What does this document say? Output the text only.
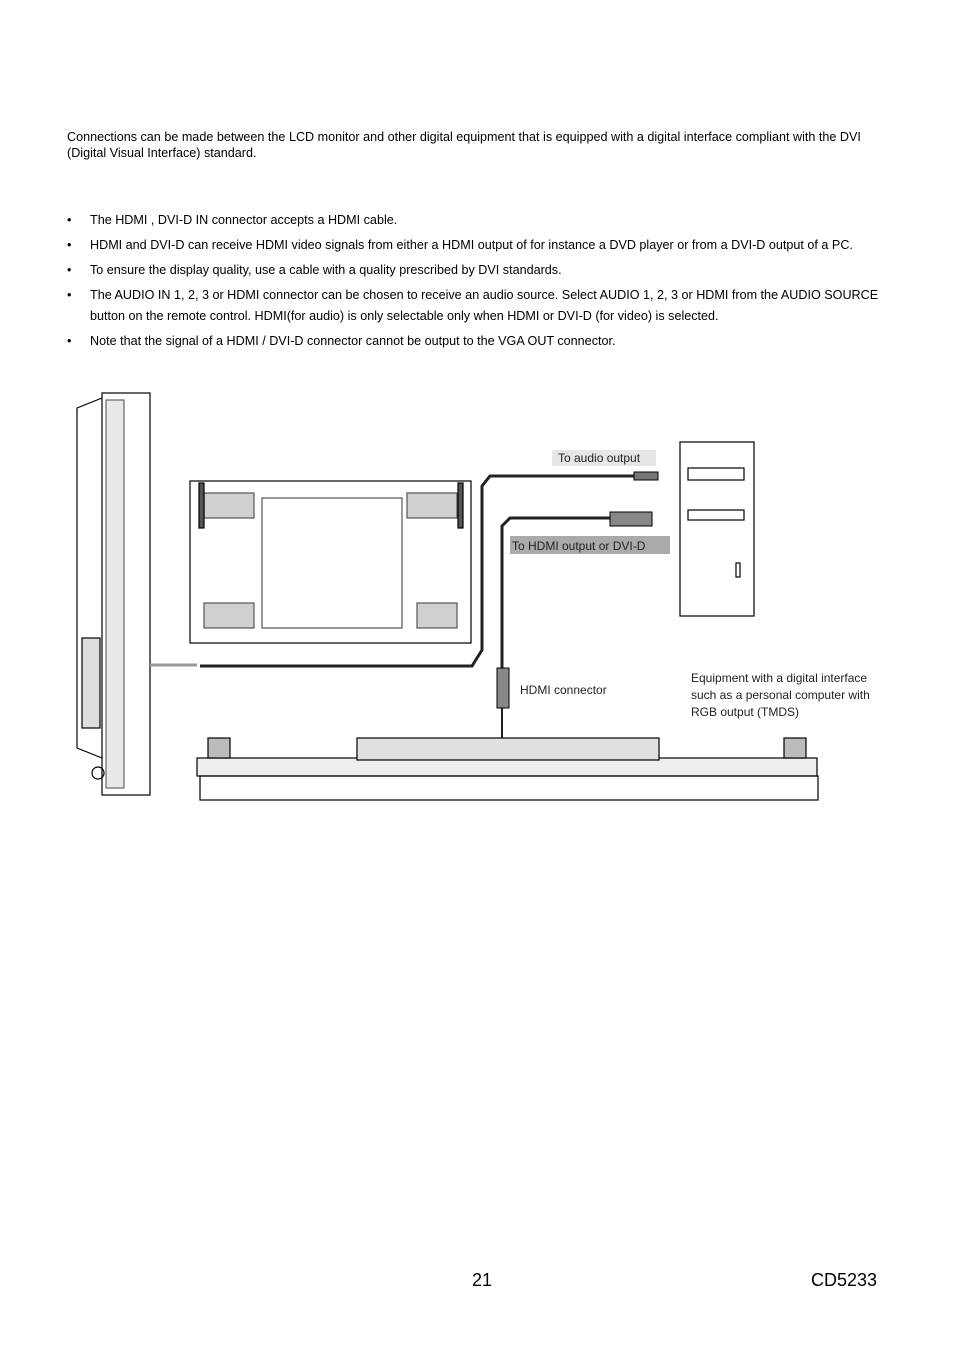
Connections can be made between the LCD monitor and other digital equipment that is equipped with a digital interface compliant with the DVI (Digital Visual Interface) standard.

• The HDMI , DVI-D IN connector accepts a HDMI cable.
• HDMI and DVI-D can receive HDMI video signals from either a HDMI output of for instance a DVD player or from a DVI-D output of a PC.
• To ensure the display quality, use a cable with a quality prescribed by DVI standards.
• The AUDIO IN 1, 2, 3 or HDMI connector can be chosen to receive an audio source. Select AUDIO 1, 2, 3 or HDMI from the AUDIO SOURCE button on the remote control. HDMI(for audio) is only selectable only when HDMI or DVI-D (for video) is selected.
• Note that the signal of a HDMI / DVI-D connector cannot be output to the VGA OUT connector.
To audio output
To HDMI output or DVI-D
HDMI connector
Equipment with a digital interface
such as a personal computer with
RGB output (TMDS)
21	CD5233
